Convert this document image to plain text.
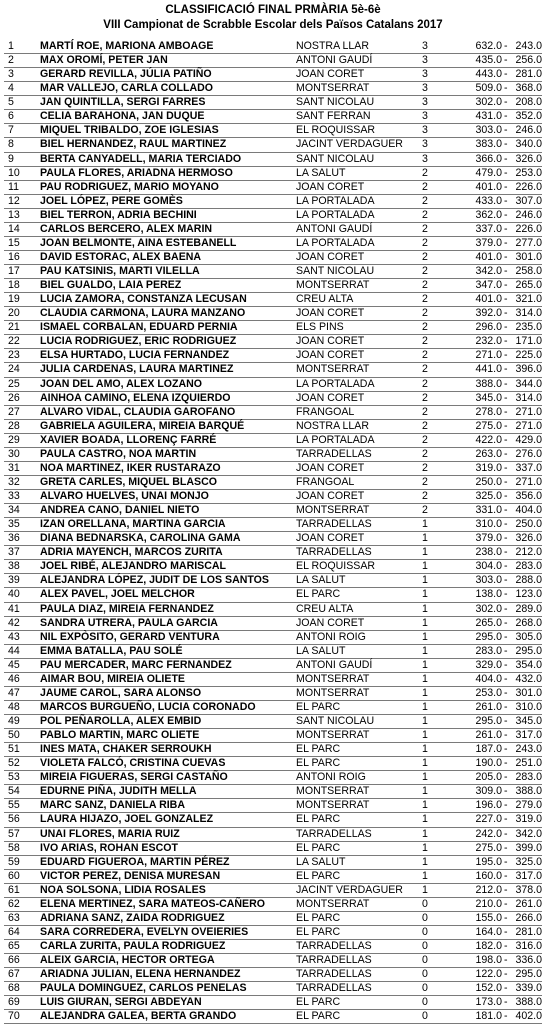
CLASSIFICACIÓ FINAL PRMÀRIA 5è-6è
VIII Campionat de Scrabble Escolar dels Països Catalans 2017
1	MARTÍ ROE, MARIONA AMBOAGE	NOSTRA LLAR	3	632.0 - 243.0
2	MAX OROMÍ, PETER JAN	ANTONI GAUDÍ	3	435.0 - 256.0
3	GERARD REVILLA, JÚLIA PATIÑO	JOAN CORET	3	443.0 - 281.0
4	MAR VALLEJO, CARLA COLLADO	MONTSERRAT	3	509.0 - 368.0
5	JAN QUINTILLA, SERGI FARRES	SANT NICOLAU	3	302.0 - 208.0
6	CELIA BARAHONA, JAN DUQUE	SANT FERRAN	3	431.0 - 352.0
7	MIQUEL TRIBALDO, ZOE IGLESIAS	EL ROQUISSAR	3	303.0 - 246.0
8	BIEL HERNANDEZ, RAUL MARTINEZ	JACINT VERDAGUER 3	383.0 - 340.0
9	BERTA CANYADELL, MARIA TERCIADO	SANT NICOLAU	3	366.0 - 326.0
10	PAULA FLORES, ARIADNA HERMOSO	LA SALUT	2	479.0 - 253.0
11	PAU RODRIGUEZ, MARIO MOYANO	JOAN CORET	2	401.0 - 226.0
12	JOEL LÓPEZ, PERE GOMÈS	LA PORTALADA	2	433.0 - 307.0
13	BIEL TERRON, ADRIA BECHINI	LA PORTALADA	2	362.0 - 246.0
14	CARLOS BERCERO, ALEX MARIN	ANTONI GAUDÍ	2	337.0 - 226.0
15	JOAN BELMONTE, AINA ESTEBANELL	LA PORTALADA	2	379.0 - 277.0
16	DAVID ESTORAC, ALEX BAENA	JOAN CORET	2	401.0 - 301.0
17	PAU KATSINIS, MARTI VILELLA	SANT NICOLAU	2	342.0 - 258.0
18	BIEL GUALDO, LAIA PEREZ	MONTSERRAT	2	347.0 - 265.0
19	LUCIA ZAMORA, CONSTANZA LECUSAN	CREU ALTA	2	401.0 - 321.0
20	CLAUDIA CARMONA, LAURA MANZANO	JOAN CORET	2	392.0 - 314.0
21	ISMAEL CORBALAN, EDUARD PERNIA	ELS PINS	2	296.0 - 235.0
22	LUCIA RODRIGUEZ, ERIC RODRIGUEZ	JOAN CORET	2	232.0 - 171.0
23	ELSA HURTADO, LUCIA FERNANDEZ	JOAN CORET	2	271.0 - 225.0
24	JULIA CARDENAS, LAURA MARTINEZ	MONTSERRAT	2	441.0 - 396.0
25	JOAN DEL AMO, ALEX LOZANO	LA PORTALADA	2	388.0 - 344.0
26	AINHOA CAMINO, ELENA IZQUIERDO	JOAN CORET	2	345.0 - 314.0
27	ALVARO VIDAL, CLAUDIA GAROFANO	FRANGOAL	2	278.0 - 271.0
28	GABRIELA AGUILERA, MIREIA BARQUÉ	NOSTRA LLAR	2	275.0 - 271.0
29	XAVIER BOADA, LLORENÇ FARRÉ	LA PORTALADA	2	422.0 - 429.0
30	PAULA CASTRO, NOA MARTIN	TARRADELLAS	2	263.0 - 276.0
31	NOA MARTINEZ, IKER RUSTARAZO	JOAN CORET	2	319.0 - 337.0
32	GRETA CARLES, MIQUEL BLASCO	FRANGOAL	2	250.0 - 271.0
33	ALVARO HUELVES, UNAI MONJO	JOAN CORET	2	325.0 - 356.0
34	ANDREA CANO, DANIEL NIETO	MONTSERRAT	2	331.0 - 404.0
35	IZAN ORELLANA, MARTINA GARCIA	TARRADELLAS	1	310.0 - 250.0
36	DIANA BEDNARSKA, CAROLINA GAMA	JOAN CORET	1	379.0 - 326.0
37	ADRIA MAYENCH, MARCOS ZURITA	TARRADELLAS	1	238.0 - 212.0
38	JOEL RIBÉ, ALEJANDRO MARISCAL	EL ROQUISSAR	1	304.0 - 283.0
39	ALEJANDRA LÓPEZ, JUDIT DE LOS SANTOS	LA SALUT	1	303.0 - 288.0
40	ALEX PAVEL, JOEL MELCHOR	EL PARC	1	138.0 - 123.0
41	PAULA DIAZ, MIREIA FERNANDEZ	CREU ALTA	1	302.0 - 289.0
42	SANDRA UTRERA, PAULA GARCIA	JOAN CORET	1	265.0 - 268.0
43	NIL EXPÒSITO, GERARD VENTURA	ANTONI ROIG	1	295.0 - 305.0
44	EMMA BATALLA, PAU SOLÉ	LA SALUT	1	283.0 - 295.0
45	PAU MERCADER, MARC FERNANDEZ	ANTONI GAUDÍ	1	329.0 - 354.0
46	AIMAR BOU, MIREIA OLIETE	MONTSERRAT	1	404.0 - 432.0
47	JAUME CAROL, SARA ALONSO	MONTSERRAT	1	253.0 - 301.0
48	MARCOS BURGUEÑO, LUCIA CORONADO	EL PARC	1	261.0 - 310.0
49	POL PEÑAROLLA, ALEX EMBID	SANT NICOLAU	1	295.0 - 345.0
50	PABLO MARTIN, MARC OLIETE	MONTSERRAT	1	261.0 - 317.0
51	INES MATA, CHAKER SERROUKH	EL PARC	1	187.0 - 243.0
52	VIOLETA FALCÓ, CRISTINA CUEVAS	EL PARC	1	190.0 - 251.0
53	MIREIA FIGUERAS, SERGI CASTAÑO	ANTONI ROIG	1	205.0 - 283.0
54	EDURNE PIÑA, JUDITH MELLA	MONTSERRAT	1	309.0 - 388.0
55	MARC SANZ, DANIELA RIBA	MONTSERRAT	1	196.0 - 279.0
56	LAURA HIJAZO, JOEL GONZALEZ	EL PARC	1	227.0 - 319.0
57	UNAI FLORES, MARIA RUIZ	TARRADELLAS	1	242.0 - 342.0
58	IVO ARIAS, ROHAN ESCOT	EL PARC	1	275.0 - 399.0
59	EDUARD FIGUEROA, MARTIN PÉREZ	LA SALUT	1	195.0 - 325.0
60	VICTOR PEREZ, DENISA MURESAN	EL PARC	1	160.0 - 317.0
61	NOA SOLSONA, LIDIA ROSALES	JACINT VERDAGUER 1	212.0 - 378.0
62	ELENA MERTINEZ, SARA MATEOS-CAÑERO	MONTSERRAT	0	210.0 - 261.0
63	ADRIANA SANZ, ZAIDA RODRIGUEZ	EL PARC	0	155.0 - 266.0
64	SARA CORREDERA, EVELYN OVEIERIES	EL PARC	0	164.0 - 281.0
65	CARLA ZURITA, PAULA RODRIGUEZ	TARRADELLAS	0	182.0 - 316.0
66	ALEIX GARCIA, HECTOR ORTEGA	TARRADELLAS	0	198.0 - 336.0
67	ARIADNA JULIAN, ELENA HERNANDEZ	TARRADELLAS	0	122.0 - 295.0
68	PAULA DOMINGUEZ, CARLOS PENELAS	TARRADELLAS	0	152.0 - 339.0
69	LUIS GIURAN, SERGI ABDEYAN	EL PARC	0	173.0 - 388.0
70	ALEJANDRA GALEA, BERTA GRANDO	EL PARC	0	181.0 - 402.0
